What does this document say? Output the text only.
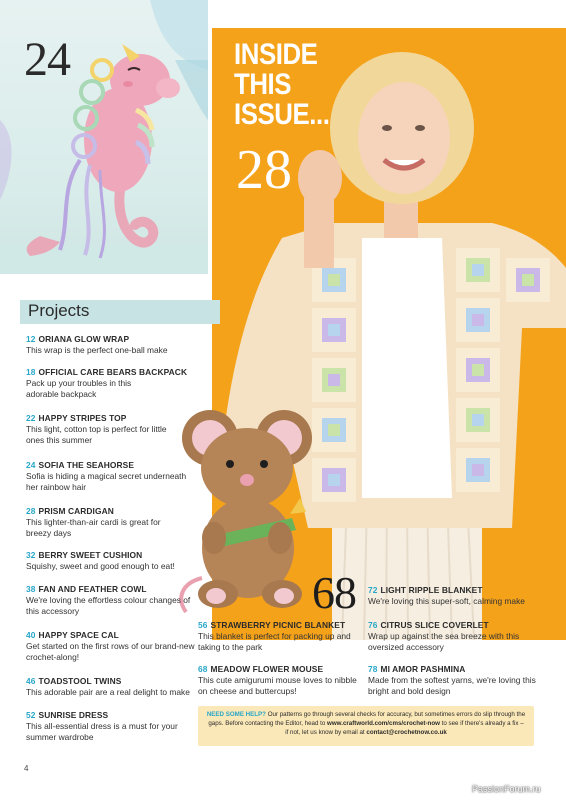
24	INSIDE
THIS
ISSUE...
28
Projects
68
12 ORIANA GLOW WRAP
This wrap is the perfect one-ball make
18 OFFICIAL CARE BEARS BACKPACK
Pack up your troubles in this
adorable backpack
22 HAPPY STRIPES TOP
This light, cotton top is perfect for little
ones this summer
24 SOFIA THE SEAHORSE
Sofia is hiding a magical secret underneath
her rainbow hair
28 PRISM CARDIGAN
This lighter-than-air cardi is great for
breezy days
32 BERRY SWEET CUSHION
Squishy, sweet and good enough to eat!
38 FAN AND FEATHER COWL
We're loving the effortless colour changes of
this accessory
40 HAPPY SPACE CAL
Get started on the first rows of our brand-new
crochet-along!
46 TOADSTOOL TWINS
This adorable pair are a real delight to make
52 SUNRISE DRESS
This all-essential dress is a must for your
summer wardrobe
56 STRAWBERRY PICNIC BLANKET
This blanket is perfect for packing up and
taking to the park
68 MEADOW FLOWER MOUSE
This cute amigurumi mouse loves to nibble
on cheese and buttercups!
72 LIGHT RIPPLE BLANKET
We're loving this super-soft, calming make
76 CITRUS SLICE COVERLET
Wrap up against the sea breeze with this
oversized accessory
78 MI AMOR PASHMINA
Made from the softest yarns, we're loving this
bright and bold design
NEED SOME HELP? Our patterns go through several checks for accuracy, but sometimes errors do slip through the gaps. Before contacting the Editor, head to www.craftworld.com/cms/crochet-now to see if there's already a fix – if not, let us know by email at contact@crochetnow.co.uk
4
PassionForum.ru
